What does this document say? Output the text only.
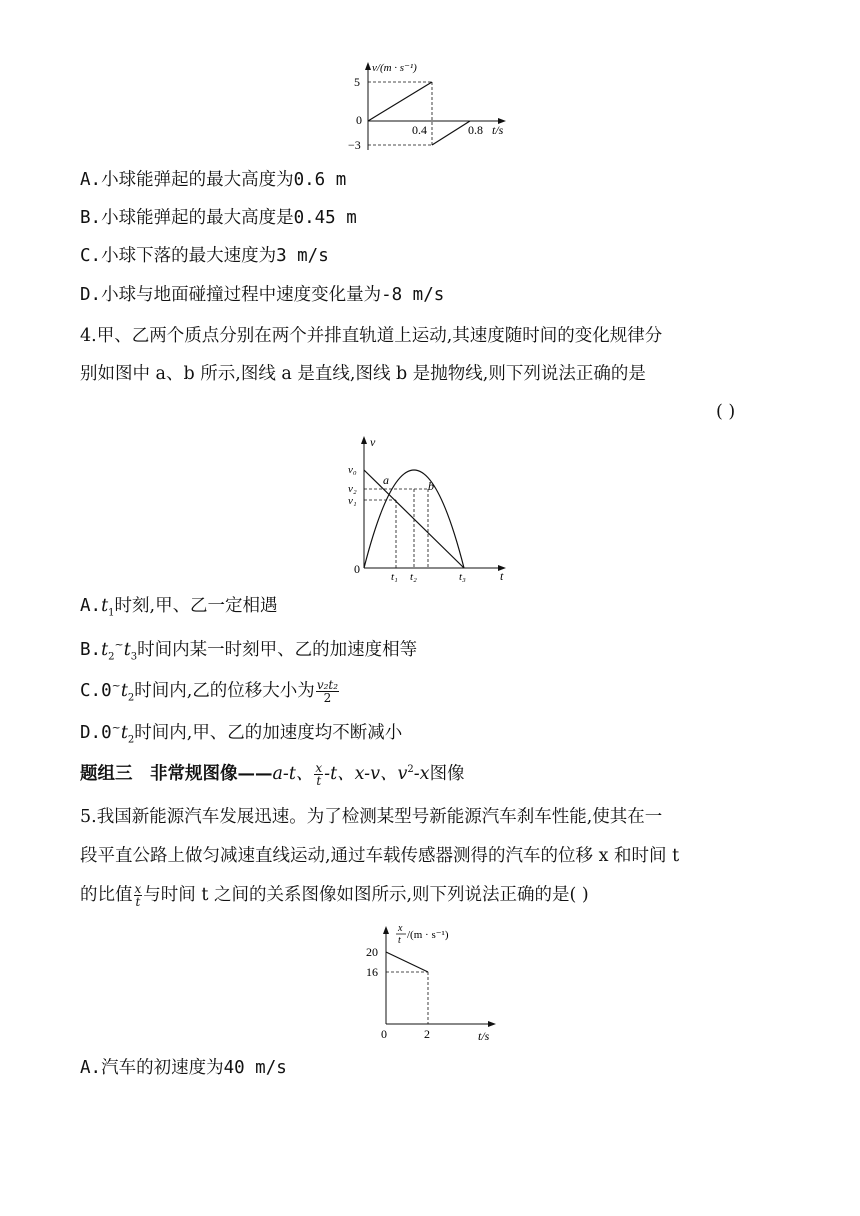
v/(m · s⁻¹)
5
0
−3
0.4	0.8 t/s
A.小球能弹起的最大高度为0.6 m
B.小球能弹起的最大高度是0.45 m
C.小球下落的最大速度为3 m/s
D.小球与地面碰撞过程中速度变化量为-8 m/s
4.甲、乙两个质点分别在两个并排直轨道上运动,其速度随时间的变化规律分
别如图中 a、b 所示,图线 a 是直线,图线 b 是抛物线,则下列说法正确的是
( )
v
v₀
v₂
v₁
0
t₁ t₂	t₃	t
a	b
$A.t_1$时刻,甲、乙一定相遇
$B.t_2^\sim t_3$时间内某一时刻甲、乙的加速度相等
$C.0^\sim t_2$时间内,乙的位移大小为 $\frac{\text{v₂t₂}}{2}$
$D.0^\sim t_2$时间内,甲、乙的加速度均不断减小
题组三　非常规图像——a-t、 $\frac{x}{t} -t$、x-v、$v^2-x$图像
5.我国新能源汽车发展迅速。为了检测某型号新能源汽车刹车性能,使其在一
段平直公路上做匀减速直线运动,通过车载传感器测得的汽车的位移 x 和时间 t
的比值 $\frac{x}{t}$ 与时间 t 之间的关系图像如图所示,则下列说法正确的是( )
x
t /(m · s⁻¹)
20
16
0	2	t/s
A.汽车的初速度为40 m/s
